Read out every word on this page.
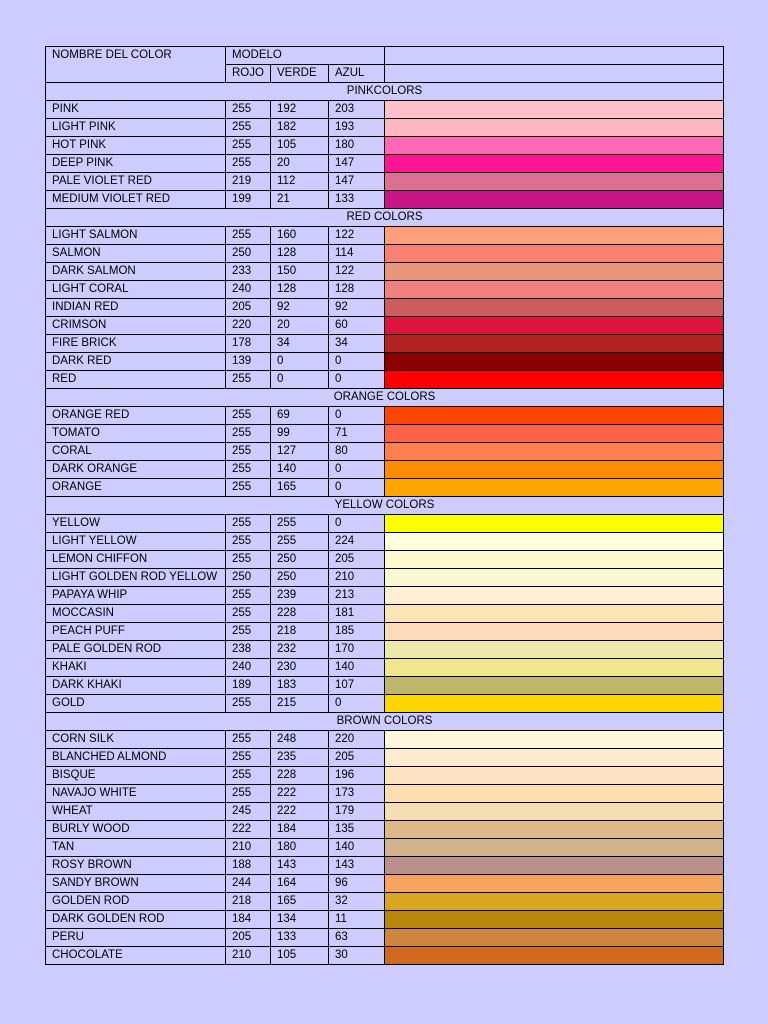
NOMBRE DEL COLOR	MODELO			
	ROJO	VERDE	AZUL	
PINKCOLORS				
PINK	255	192	203	
LIGHT PINK	255	182	193	
HOT PINK	255	105	180	
DEEP PINK	255	20	147	
PALE VIOLET RED	219	112	147	
MEDIUM VIOLET RED	199	21	133	
RED COLORS				
LIGHT SALMON	255	160	122	
SALMON	250	128	114	
DARK SALMON	233	150	122	
LIGHT CORAL	240	128	128	
INDIAN RED	205	92	92	
CRIMSON	220	20	60	
FIRE BRICK	178	34	34	
DARK RED	139	0	0	
RED	255	0	0	
ORANGE COLORS				
ORANGE RED	255	69	0	
TOMATO	255	99	71	
CORAL	255	127	80	
DARK ORANGE	255	140	0	
ORANGE	255	165	0	
YELLOW COLORS				
YELLOW	255	255	0	
LIGHT YELLOW	255	255	224	
LEMON CHIFFON	255	250	205	
LIGHT GOLDEN ROD YELLOW	250	250	210	
PAPAYA WHIP	255	239	213	
MOCCASIN	255	228	181	
PEACH PUFF	255	218	185	
PALE GOLDEN ROD	238	232	170	
KHAKI	240	230	140	
DARK KHAKI	189	183	107	
GOLD	255	215	0	
BROWN COLORS				
CORN SILK	255	248	220	
BLANCHED ALMOND	255	235	205	
BISQUE	255	228	196	
NAVAJO WHITE	255	222	173	
WHEAT	245	222	179	
BURLY WOOD	222	184	135	
TAN	210	180	140	
ROSY BROWN	188	143	143	
SANDY BROWN	244	164	96	
GOLDEN ROD	218	165	32	
DARK GOLDEN ROD	184	134	11	
PERU	205	133	63	
CHOCOLATE	210	105	30	
